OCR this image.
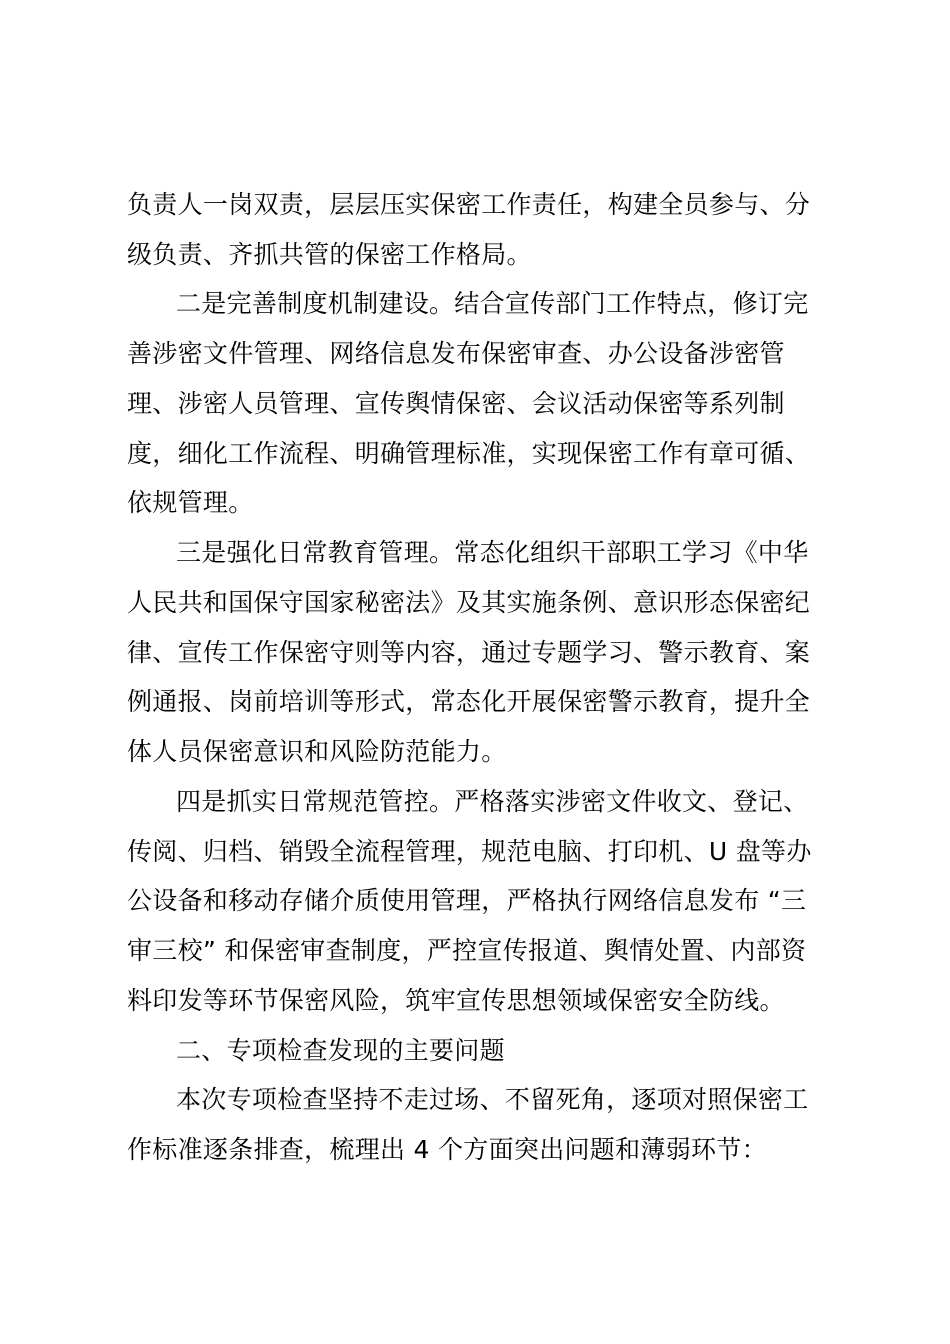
负责人一岗双责，层层压实保密工作责任，构建全员参与、分
级负责、齐抓共管的保密工作格局。
二是完善制度机制建设。结合宣传部门工作特点，修订完
善涉密文件管理、网络信息发布保密审查、办公设备涉密管
理、涉密人员管理、宣传舆情保密、会议活动保密等系列制
度，细化工作流程、明确管理标准，实现保密工作有章可循、
依规管理。
三是强化日常教育管理。常态化组织干部职工学习《中华
人民共和国保守国家秘密法》及其实施条例、意识形态保密纪
律、宣传工作保密守则等内容，通过专题学习、警示教育、案
例通报、岗前培训等形式，常态化开展保密警示教育，提升全
体人员保密意识和风险防范能力。
四是抓实日常规范管控。严格落实涉密文件收文、登记、
传阅、归档、销毁全流程管理，规范电脑、打印机、U 盘等办
公设备和移动存储介质使用管理，严格执行网络信息发布 “三
审三校” 和保密审查制度，严控宣传报道、舆情处置、内部资
料印发等环节保密风险，筑牢宣传思想领域保密安全防线。
二、专项检查发现的主要问题
本次专项检查坚持不走过场、不留死角，逐项对照保密工
作标准逐条排查，梳理出 4 个方面突出问题和薄弱环节：
